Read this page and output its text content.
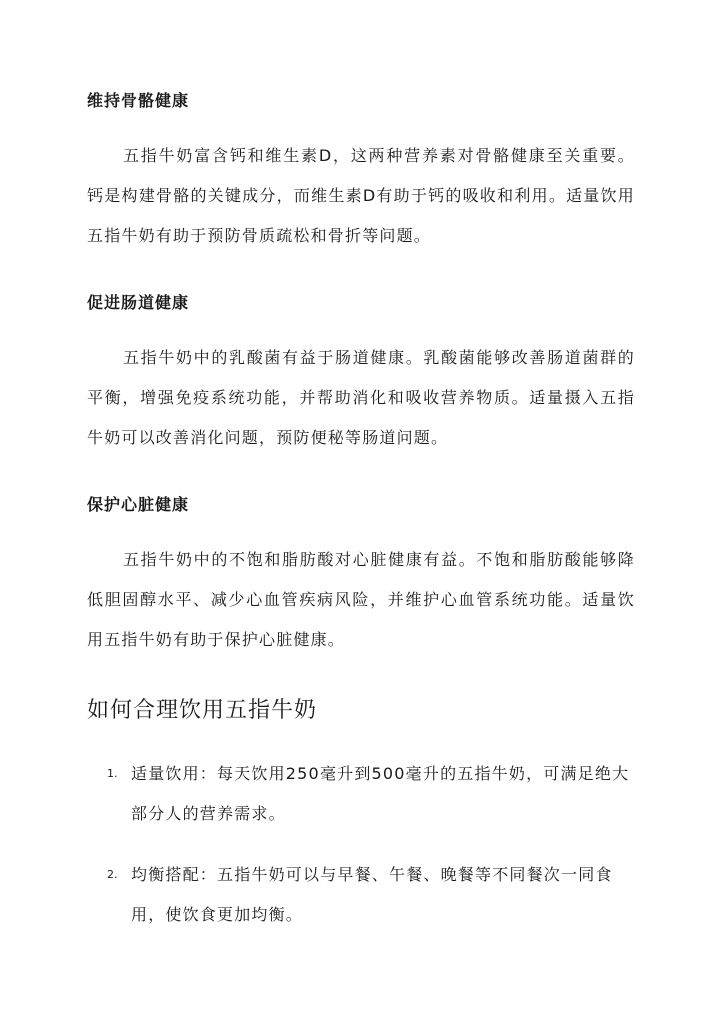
维持骨骼健康

五指牛奶富含钙和维生素D，这两种营养素对骨骼健康至关重要。钙是构建骨骼的关键成分，而维生素D有助于钙的吸收和利用。适量饮用五指牛奶有助于预防骨质疏松和骨折等问题。

促进肠道健康

五指牛奶中的乳酸菌有益于肠道健康。乳酸菌能够改善肠道菌群的平衡，增强免疫系统功能，并帮助消化和吸收营养物质。适量摄入五指牛奶可以改善消化问题，预防便秘等肠道问题。

保护心脏健康

五指牛奶中的不饱和脂肪酸对心脏健康有益。不饱和脂肪酸能够降低胆固醇水平、减少心血管疾病风险，并维护心血管系统功能。适量饮用五指牛奶有助于保护心脏健康。

如何合理饮用五指牛奶
1. 适量饮用：每天饮用250毫升到500毫升的五指牛奶，可满足绝大部分人的营养需求。
2. 均衡搭配：五指牛奶可以与早餐、午餐、晚餐等不同餐次一同食用，使饮食更加均衡。
